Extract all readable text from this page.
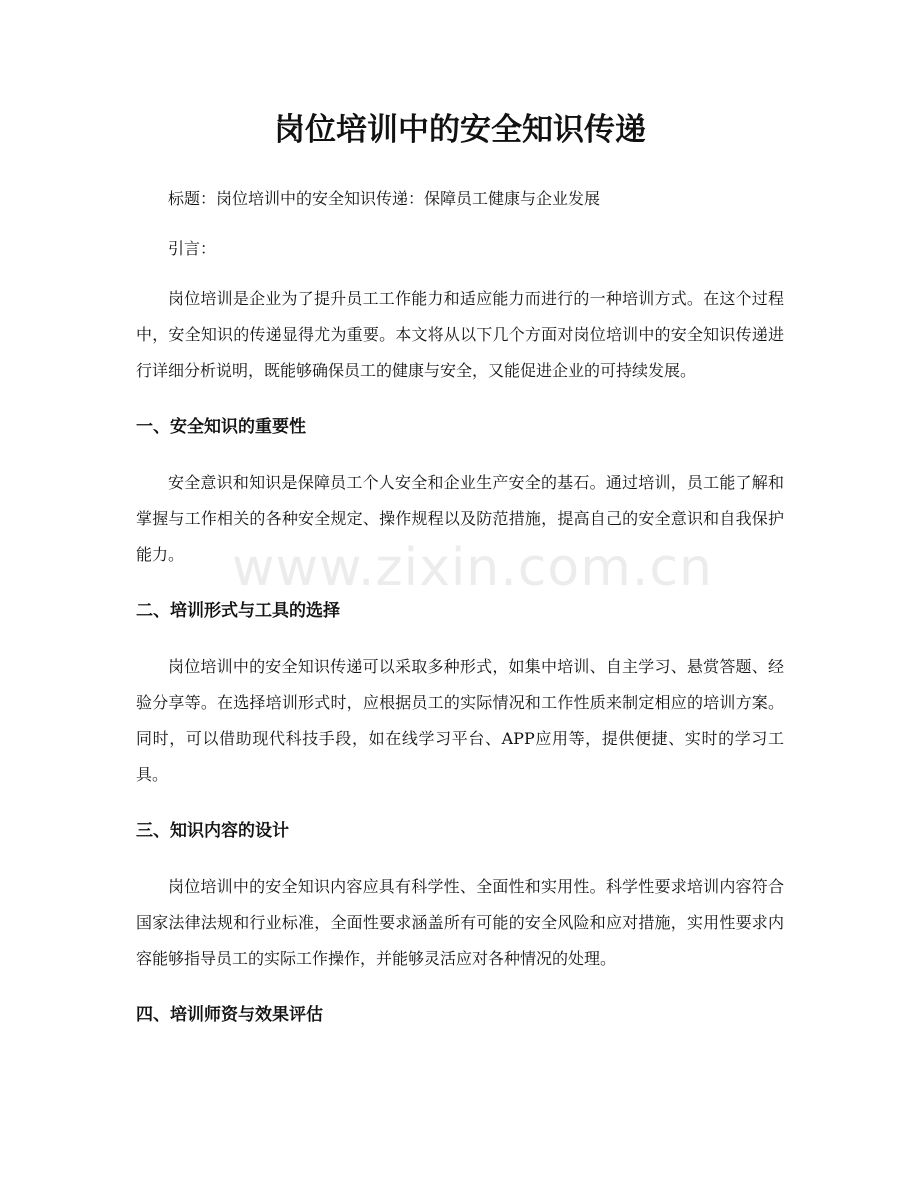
岗位培训中的安全知识传递

标题：岗位培训中的安全知识传递：保障员工健康与企业发展

引言：

岗位培训是企业为了提升员工工作能力和适应能力而进行的一种培训方式。在这个过程中，安全知识的传递显得尤为重要。本文将从以下几个方面对岗位培训中的安全知识传递进行详细分析说明，既能够确保员工的健康与安全，又能促进企业的可持续发展。

一、安全知识的重要性

安全意识和知识是保障员工个人安全和企业生产安全的基石。通过培训，员工能了解和掌握与工作相关的各种安全规定、操作规程以及防范措施，提高自己的安全意识和自我保护能力。

二、培训形式与工具的选择

岗位培训中的安全知识传递可以采取多种形式，如集中培训、自主学习、悬赏答题、经验分享等。在选择培训形式时，应根据员工的实际情况和工作性质来制定相应的培训方案。同时，可以借助现代科技手段，如在线学习平台、APP应用等，提供便捷、实时的学习工具。

三、知识内容的设计

岗位培训中的安全知识内容应具有科学性、全面性和实用性。科学性要求培训内容符合国家法律法规和行业标准，全面性要求涵盖所有可能的安全风险和应对措施，实用性要求内容能够指导员工的实际工作操作，并能够灵活应对各种情况的处理。

四、培训师资与效果评估
www.zixin.com.cn
